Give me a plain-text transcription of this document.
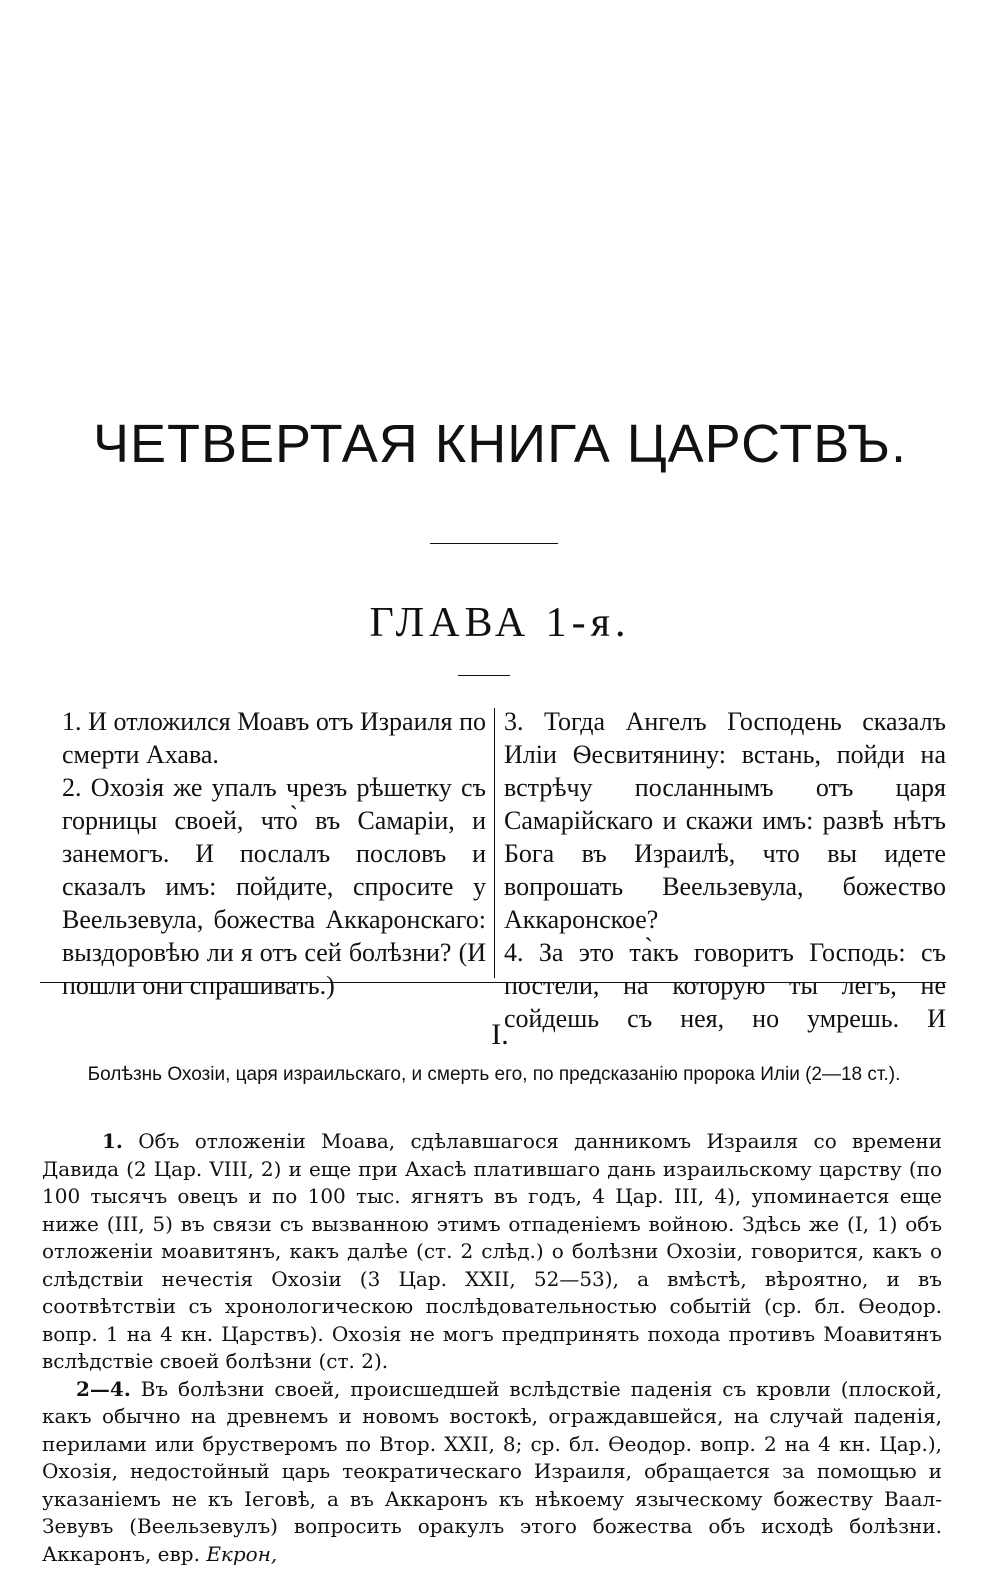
ЧЕТВЕРТАЯ КНИГА ЦАРСТВЪ.
ГЛАВА 1-я.

1. И отложился Моавъ отъ Израиля по смерти Ахава.

2. Охозія же упалъ чрезъ рѣшетку съ горницы своей, что̀ въ Самаріи, и занемогъ. И послалъ пословъ и сказалъ имъ: пойдите, спросите у Веельзевула, божества Аккаронскаго: выздоровѣю ли я отъ сей болѣзни? (И пошли они спрашивать.)

3. Тогда Ангелъ Господень сказалъ Иліи Ѳесвитянину: встань, пойди на встрѣчу посланнымъ отъ царя Самарійскаго и скажи имъ: развѣ нѣтъ Бога въ Израилѣ, что вы идете вопрошать Веельзевула, божество Аккаронское?

4. За это та̀къ говоритъ Господь: съ постели, на которую ты легъ, не сойдешь съ нея, но умрешь. И

I.
Болѣзнь Охозіи, царя израильскаго, и смерть его, по предсказанію пророка Иліи (2—18 ст.).

1. Объ отложеніи Моава, сдѣлавшагося данникомъ Израиля со времени Давида (2 Цар. VIII, 2) и еще при Ахасѣ платившаго дань израильскому царству (по 100 тысячъ овецъ и по 100 тыс. ягнятъ въ годъ, 4 Цар. III, 4), упоминается еще ниже (III, 5) въ связи съ вызванною этимъ отпаденіемъ войною. Здѣсь же (I, 1) объ отложеніи моавитянъ, какъ далѣе (ст. 2 слѣд.) о болѣзни Охозіи, говорится, какъ о слѣдствіи нечестія Охозіи (3 Цар. XXII, 52—53), а вмѣстѣ, вѣроятно, и въ соотвѣтствіи съ хронологическою послѣдовательностью событій (ср. бл. Ѳеодор. вопр. 1 на 4 кн. Царствъ). Охозія не могъ предпринять похода противъ Моавитянъ вслѣдствіе своей болѣзни (ст. 2).

2—4. Въ болѣзни своей, происшедшей вслѣдствіе паденія съ кровли (плоской, какъ обычно на древнемъ и новомъ востокѣ, ограждавшейся, на случай паденія, перилами или брустверомъ по Втор. XXII, 8; ср. бл. Ѳеодор. вопр. 2 на 4 кн. Цар.), Охозія, недостойный царь теократическаго Израиля, обращается за помощью и указаніемъ не къ Іеговѣ, а въ Аккаронъ къ нѣкоему языческому божеству Ваал-Зевувъ (Веельзевулъ) вопросить оракулъ этого божества объ исходѣ болѣзни. Аккаронъ, евр. Екрон,
